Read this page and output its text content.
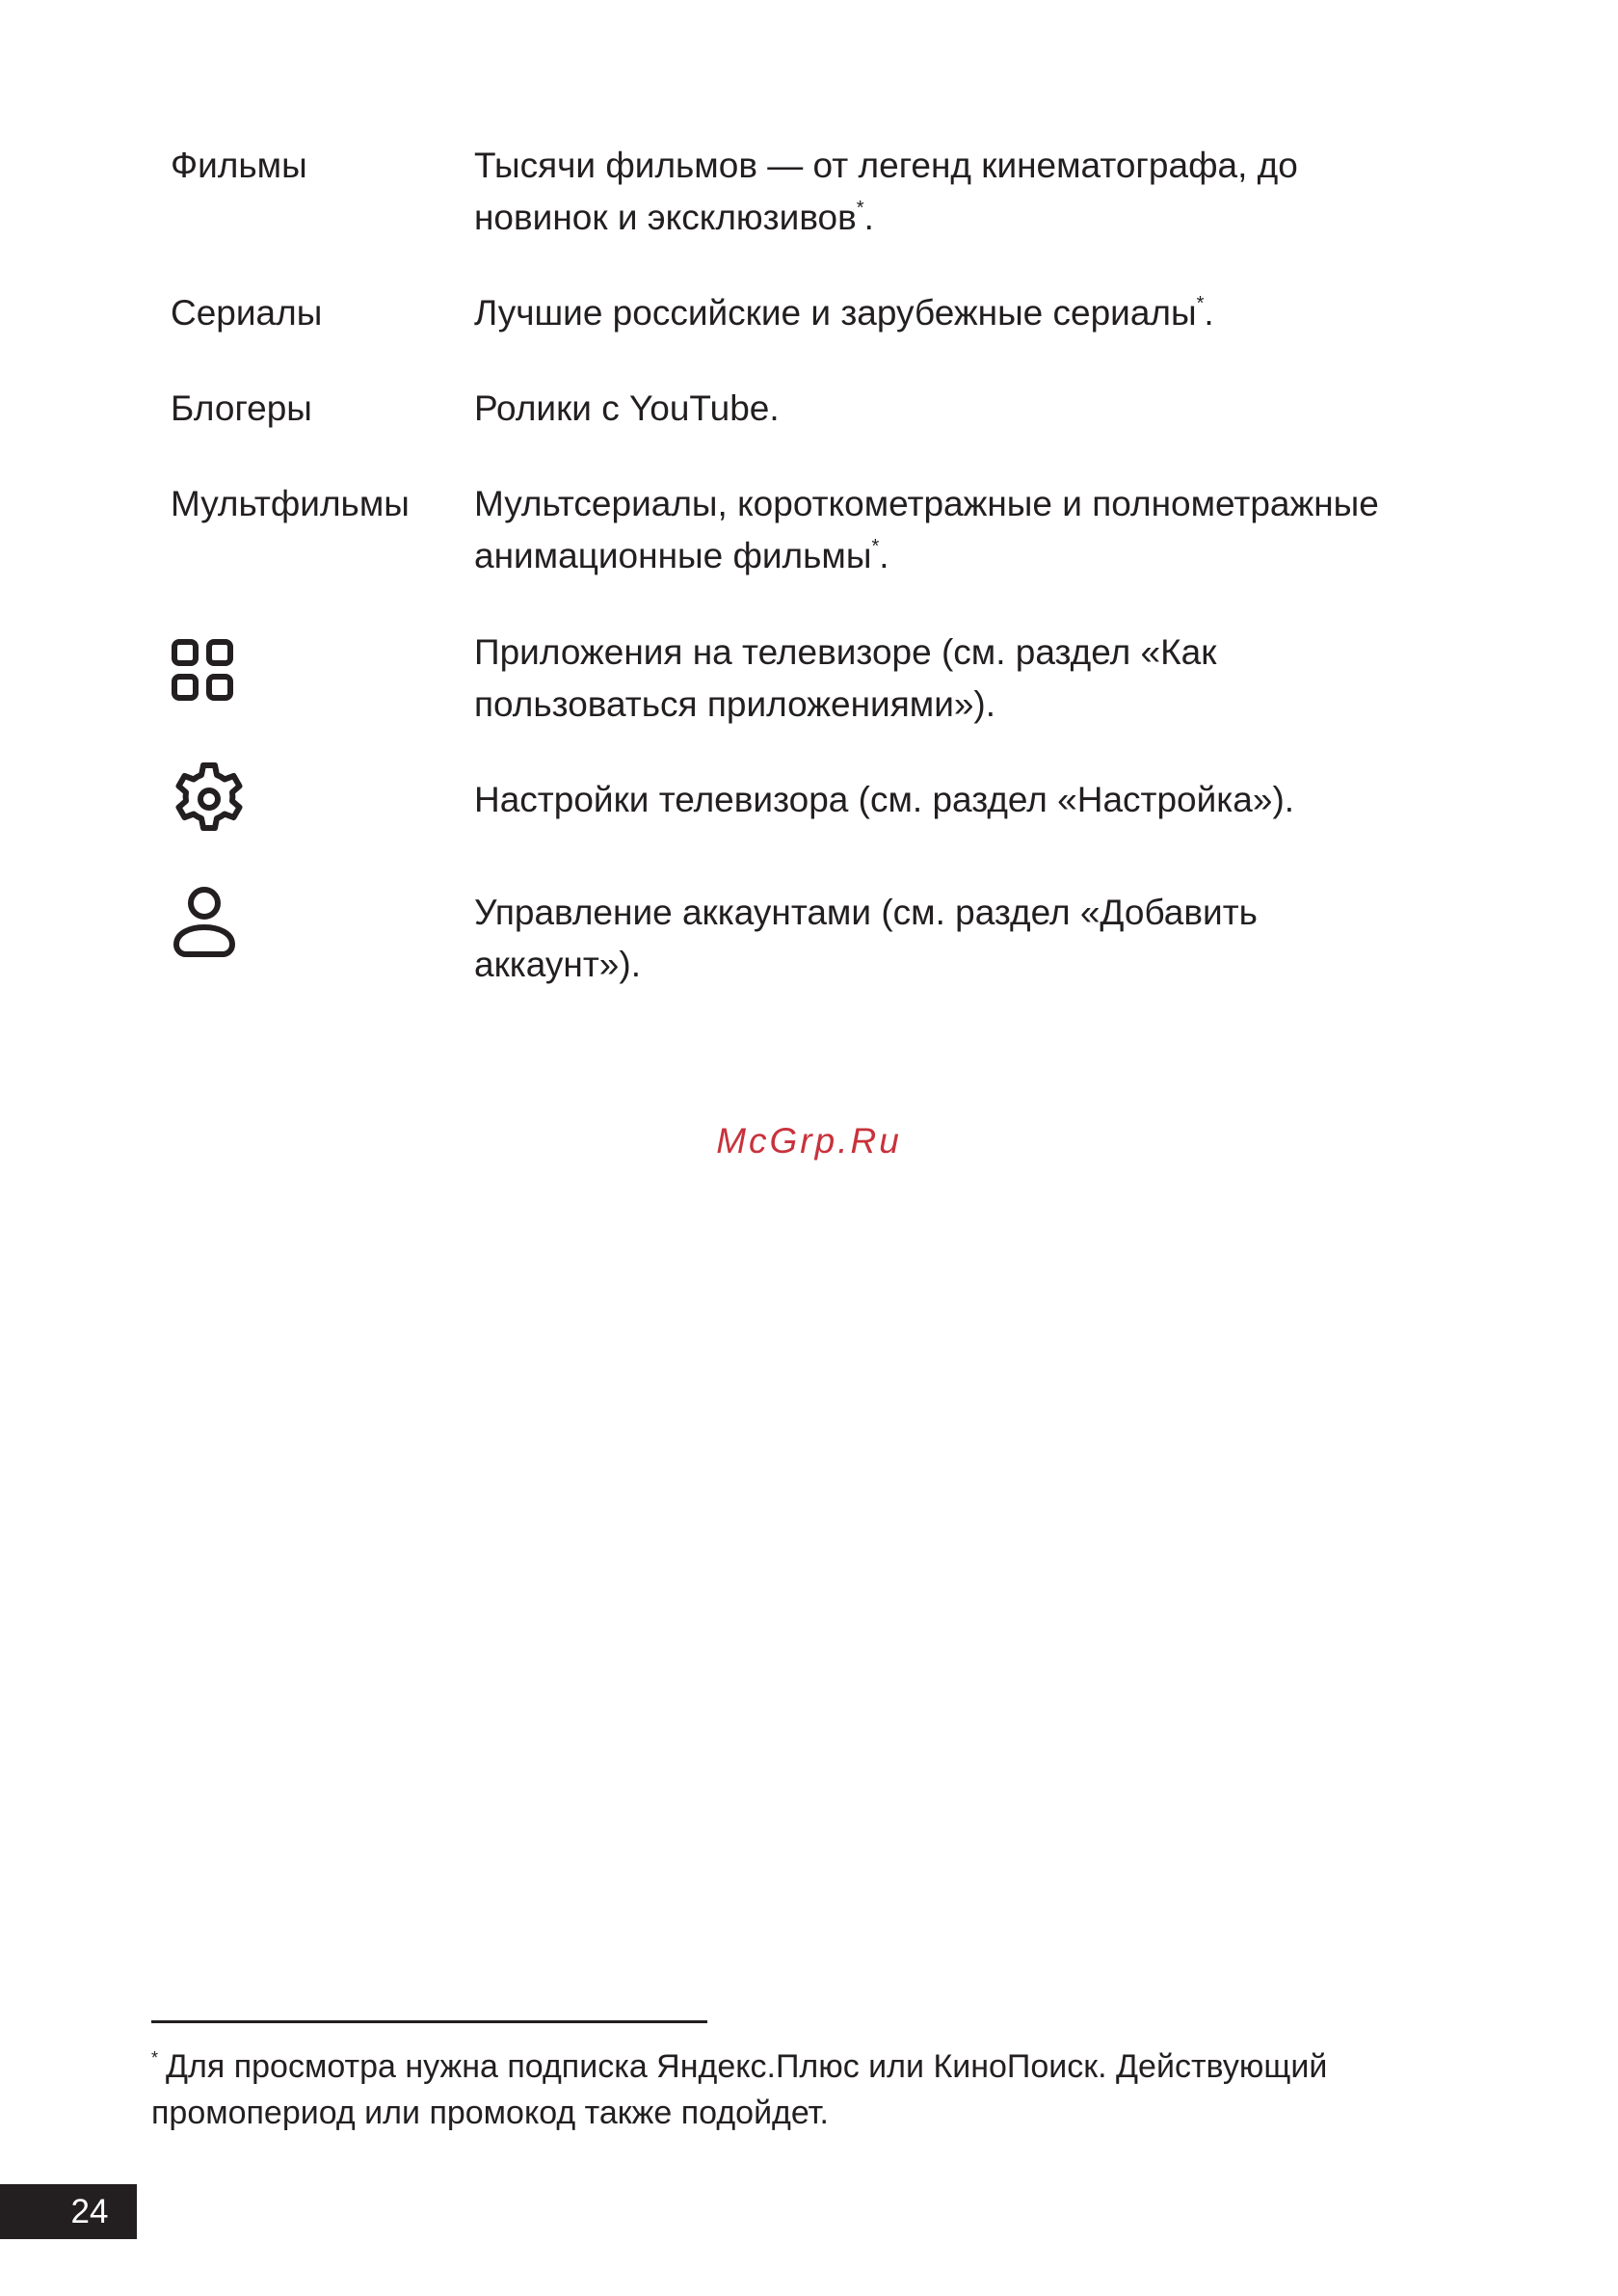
Фильмы	Тысячи фильмов — от легенд кинематографа, до новинок и эксклюзивов*.
Сериалы	Лучшие российские и зарубежные сериалы*.
Блогеры	Ролики с YouTube.
Мультфильмы	Мультсериалы, короткометражные и полнометражные анимационные фильмы*.
Приложения на телевизоре (см. раздел «Как пользоваться приложениями»).
Настройки телевизора (см. раздел «Настройка»).
Управление аккаунтами (см. раздел «Добавить аккаунт»).
McGrp.Ru
* Для просмотра нужна подписка Яндекс.Плюс или КиноПоиск. Действующий промопериод или промокод также подойдет.
24
